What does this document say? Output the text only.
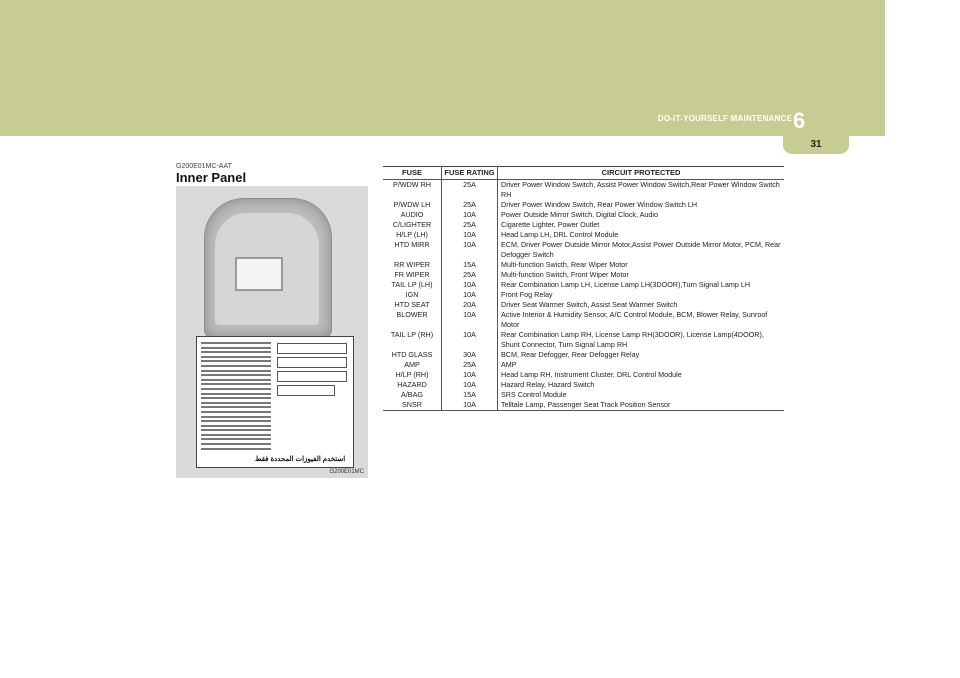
DO-IT-YOURSELF MAINTENANCE 6
31
G200E01MC-AAT
Inner Panel
استخدم الفيوزات المحددة فقط
G200E01MC
FUSE	FUSE RATING	CIRCUIT PROTECTED
P/WDW RH	25A	Driver Power Window Switch, Assist Power Window Switch,Rear Power Window Switch RH
P/WDW LH	25A	Driver Power Window Switch, Rear Power Window Switch LH
AUDIO	10A	Power Outside Mirror Switch, Digital Clock, Audio
C/LIGHTER	25A	Cigarette Lighter, Power Outlet
H/LP (LH)	10A	Head Lamp LH, DRL Control Module
HTD MIRR	10A	ECM, Driver Power Outside Mirror Motor,Assist Power Outside Mirror Motor, PCM, Rear Defogger Switch
RR WIPER	15A	Multi-function Swicth, Rear Wiper Motor
FR WIPER	25A	Multi-function Switch, Front Wiper Motor
TAIL LP (LH)	10A	Rear Combination Lamp LH, License Lamp LH(3DOOR),Turn Signal Lamp LH
IGN	10A	Front Fog Relay
HTD SEAT	20A	Driver Seat Warmer Switch, Assist Seat Warmer Switch
BLOWER	10A	Active Interior & Humidity Sensor, A/C Control Module, BCM, Blower Relay, Sunroof Motor
TAIL LP (RH)	10A	Rear Combination Lamp RH, License Lamp RH(3DOOR), License Lamp(4DOOR), Shunt Connector, Turn Signal Lamp RH
HTD GLASS	30A	BCM, Rear Defogger, Rear Defogger Relay
AMP	25A	AMP
H/LP (RH)	10A	Head Lamp RH, Instrument Cluster, DRL Control Module
HAZARD	10A	Hazard Relay, Hazard Switch
A/BAG	15A	SRS Control Module
SNSR	10A	Telltale Lamp, Passenger Seat Track Position Sensor
